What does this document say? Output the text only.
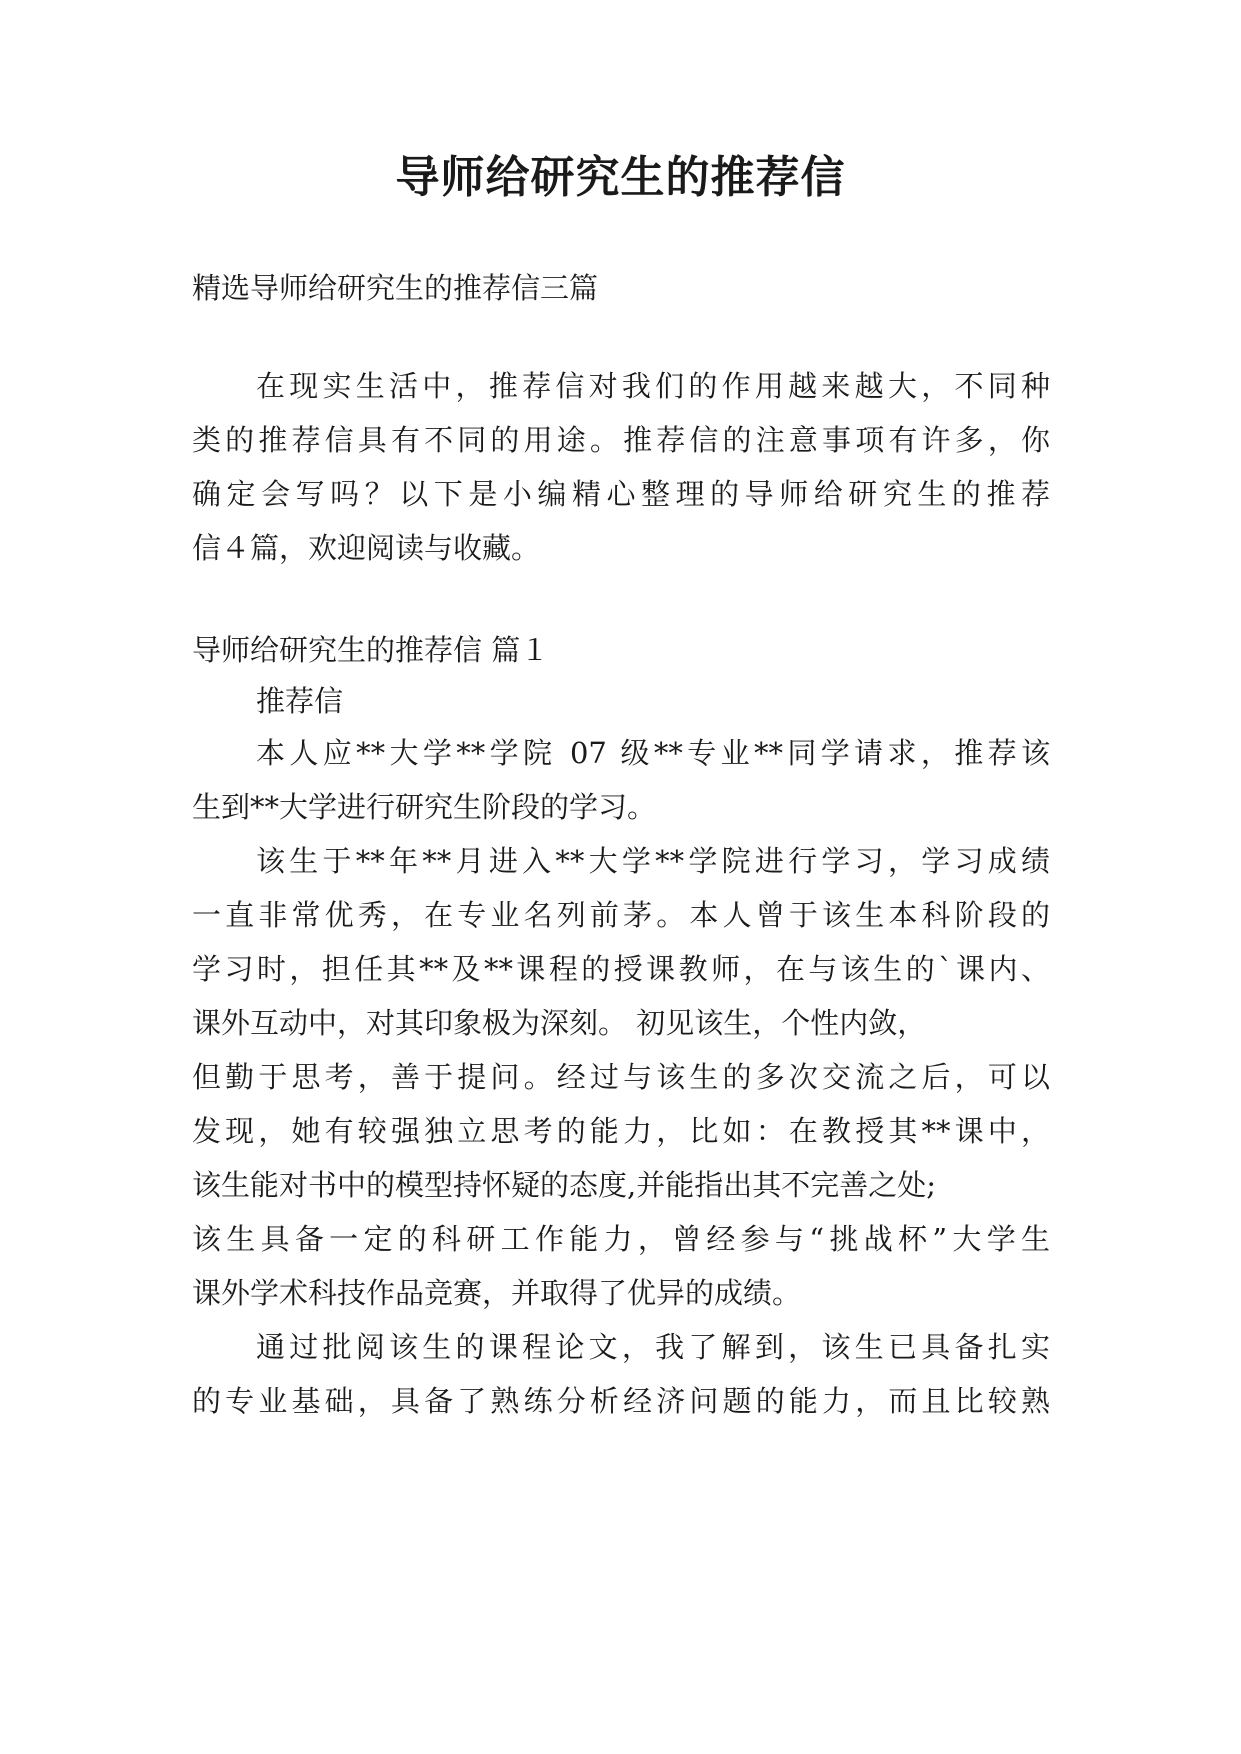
导师给研究生的推荐信
精选导师给研究生的推荐信三篇
在现实生活中，推荐信对我们的作用越来越大，不同种
类的推荐信具有不同的用途。推荐信的注意事项有许多，你
确定会写吗？以下是小编精心整理的导师给研究生的推荐
信４篇，欢迎阅读与收藏。
导师给研究生的推荐信 篇１
推荐信
本人应**大学**学院 07 级**专业**同学请求，推荐该
生到**大学进行研究生阶段的学习。
该生于**年**月进入**大学**学院进行学习，学习成绩
一直非常优秀，在专业名列前茅。本人曾于该生本科阶段的
学习时，担任其**及**课程的授课教师，在与该生的`课内、
课外互动中，对其印象极为深刻。 初见该生，个性内敛，
但勤于思考，善于提问。经过与该生的多次交流之后，可以
发现，她有较强独立思考的能力，比如：在教授其**课中，
该生能对书中的模型持怀疑的态度,并能指出其不完善之处;
该生具备一定的科研工作能力，曾经参与“挑战杯”大学生
课外学术科技作品竞赛，并取得了优异的成绩。
通过批阅该生的课程论文，我了解到，该生已具备扎实
的专业基础，具备了熟练分析经济问题的能力，而且比较熟
